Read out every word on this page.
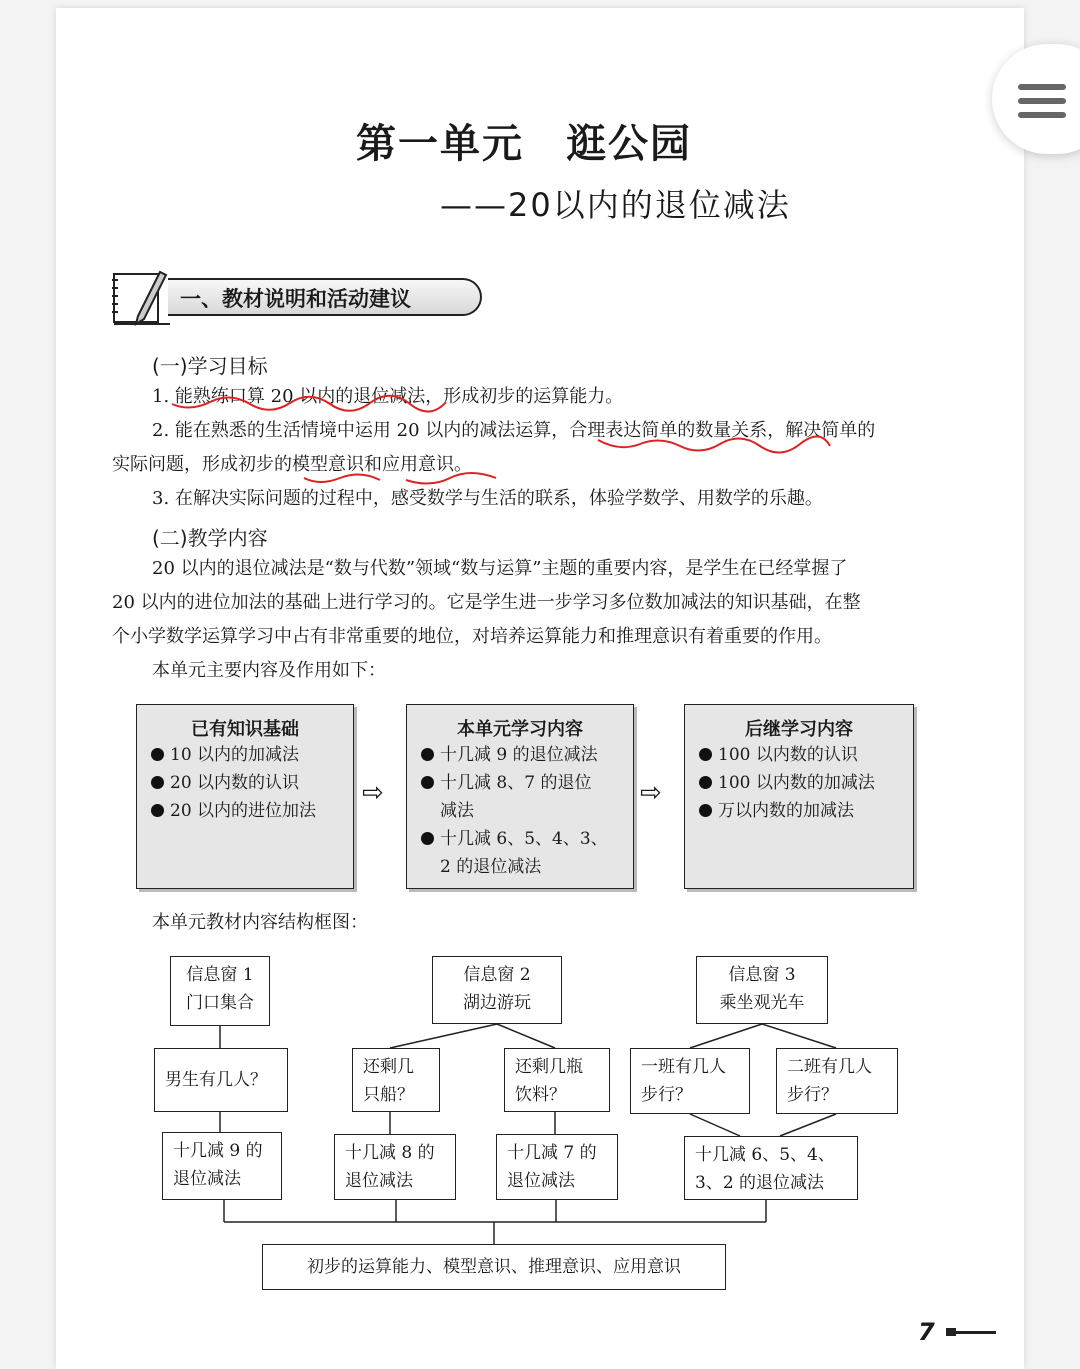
第一单元　逛公园
——20以内的退位减法
一、教材说明和活动建议
(一)学习目标
1. 能熟练口算 20 以内的退位减法，形成初步的运算能力。
2. 能在熟悉的生活情境中运用 20 以内的减法运算，合理表达简单的数量关系，解决简单的
实际问题，形成初步的模型意识和应用意识。
3. 在解决实际问题的过程中，感受数学与生活的联系，体验学数学、用数学的乐趣。
(二)教学内容
20 以内的退位减法是“数与代数”领域“数与运算”主题的重要内容，是学生在已经掌握了
20 以内的进位加法的基础上进行学习的。它是学生进一步学习多位数加减法的知识基础，在整
个小学数学运算学习中占有非常重要的地位，对培养运算能力和推理意识有着重要的作用。
本单元主要内容及作用如下：
已有知识基础
10 以内的加减法
20 以内数的认识
20 以内的进位加法
⇨
本单元学习内容
十几减 9 的退位减法
十几减 8、7 的退位
减法
十几减 6、5、4、3、
2 的退位减法
⇨
后继学习内容
100 以内数的认识
100 以内数的加减法
万以内数的加减法
本单元教材内容结构框图：
信息窗 1
门口集合
信息窗 2
湖边游玩
信息窗 3
乘坐观光车
男生有几人？
还剩几
只船？
还剩几瓶
饮料？
一班有几人
步行？
二班有几人
步行？
十几减 9 的
退位减法
十几减 8 的
退位减法
十几减 7 的
退位减法
十几减 6、5、4、
3、2 的退位减法
初步的运算能力、模型意识、推理意识、应用意识
7
